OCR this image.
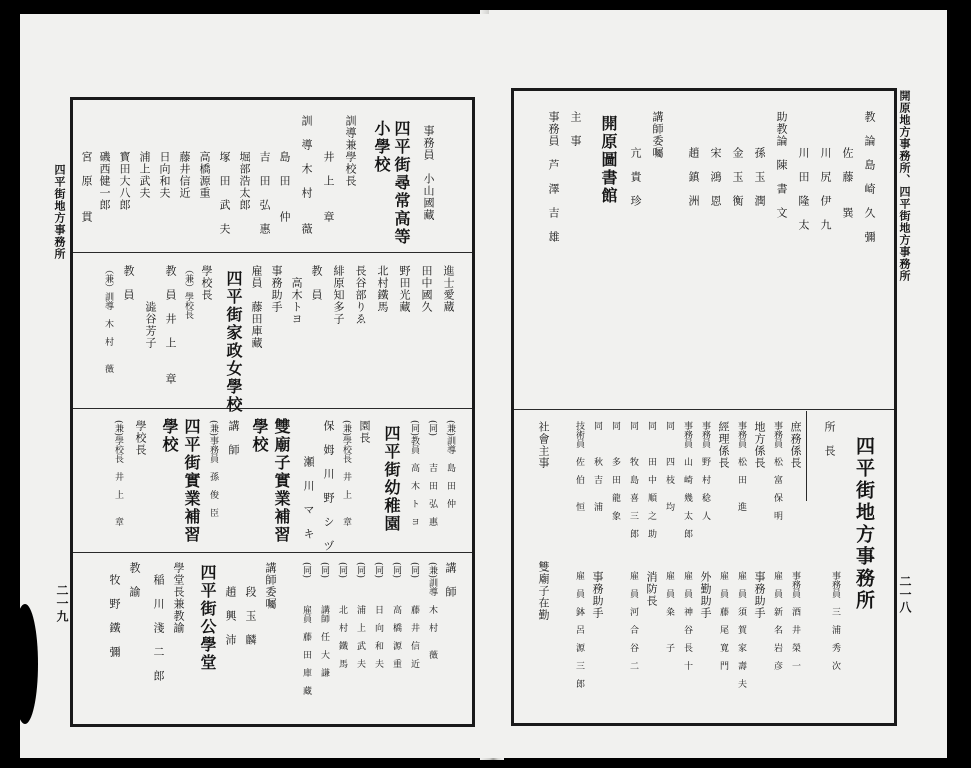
四平街地方事務所
二一九
事務員　小山國藏
四平街尋常高等
小學校
訓導兼學校長
　　　井　上　　章
訓　導　木　村　　薇
　　　島　田　　仲
　　　吉　田　弘　惠
　　　堀部浩太郎
　　　塚　田　武　夫
　　　高橋源重
　　　藤井信近
　　　日向和夫
　　　浦上武夫
　　　寳田大八郎
　　　磯西健一郎
　　　宮　原　　貫
進士愛蔵
田中國久
野田光藏
北村鐵馬
長谷部りゑ
緋原知多子
教　員
　高木トヨ
事務助手
雇員　藤田庫藏
四平街家政女學校
學校長
（兼）學校長
教　員　井　上　　章
　　　澁谷芳子
教　員
（兼）訓導　木　村　　薇
(兼)訓導　島　田　仲
(同)　　　吉　田　弘　惠
(同)教員　高　木　ト　ヨ
四平街幼稚園
園長
(兼)學校長　井　上　　章
保　姆　川　野　シ　ヅ
　　　瀬　川　マ　キ
雙廟子實業補習
學校
講　師
(兼)事務員　孫　俊　臣
四平街實業補習
學校
學校長
(兼)學校長　井　上　　章
講　師
(兼)訓導　木　村　　薇
(同)　　　藤　井　信　近
(同)　　　高　橋　源　重
(同)　　　日　向　和　夫
(同)　　　浦　上　武　夫
(同)　　　北　村　鐵　馬
(同)　　　講師　任　大　謙
(同)　　　雇員　藤　田　庫　藏
講師委囑
　　段　玉　麟
　　趙　興　沛
四平街公學堂
學堂長兼教諭
　稲　川　淺　二　郎
教　諭
　牧　野　鐵　彌
開原地方事務所、四平街地方事務所
二一八
教　論　島　崎　久　彌
　　　佐　藤　　巽
　　　川　尻　伊　九
　　　川　田　隆　太
助教論　陳　書　文
　　　孫　玉　潤
　　　金　玉　衡
　　　宋　鴻　恩
　　　趙　鎮　洲
講師委囑
　　　亢　貴　珍
開原圖書館
主　事
事務員　芦　澤　吉　雄
四平街地方事務所
所　長
事務員　三　浦　秀　次
庶務係長
事務員　松　富　保　明
事務員　酒　井　榮　一
地方係長
事務員　松　田　　進
雇　員　新　名　岩　彦
事務助手
經理係長
事務員　野　村　稔　人
雇　員　須　賀　家　壽　夫
雇　員　藤　尾　寬　門
外勤助手
事務員　山　崎　幾　太　郎
同　　　四　枝　　均
同　　　田　中　順　之　助
同　　　牧　島　喜　三　郎
同　　　多　田　龍　象
同　　　秋　吉　　浦
雇　員　神　谷　長　十
雇　員　粂　　　子
消防長
雇　員　河　合　谷　二
技術員　佐　伯　　恒
社會主事
事務助手
雇　員　鉢　呂　源　三　郎
雙廟子在勤
